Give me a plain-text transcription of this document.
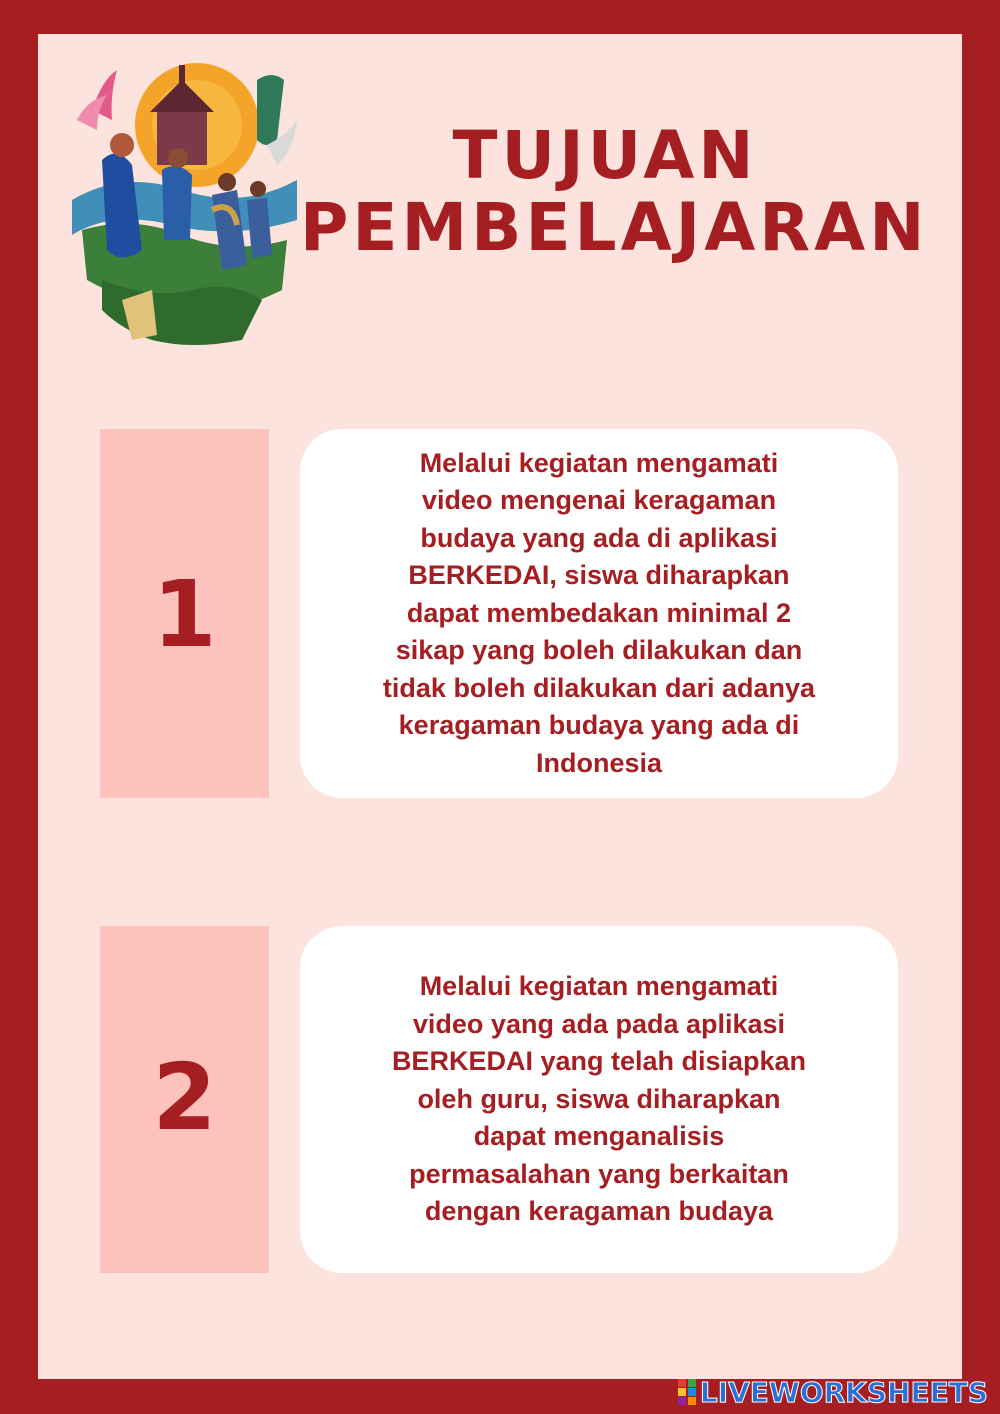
TUJUAN
PEMBELAJARAN
1

Melalui kegiatan mengamati
video mengenai keragaman
budaya yang ada di aplikasi
BERKEDAI, siswa diharapkan
dapat membedakan minimal 2
sikap yang boleh dilakukan dan
tidak boleh dilakukan dari adanya
keragaman budaya yang ada di
Indonesia

2

Melalui kegiatan mengamati
video yang ada pada aplikasi
BERKEDAI yang telah disiapkan
oleh guru, siswa diharapkan
dapat menganalisis
permasalahan yang berkaitan
dengan keragaman budaya

LIVEWORKSHEETS
